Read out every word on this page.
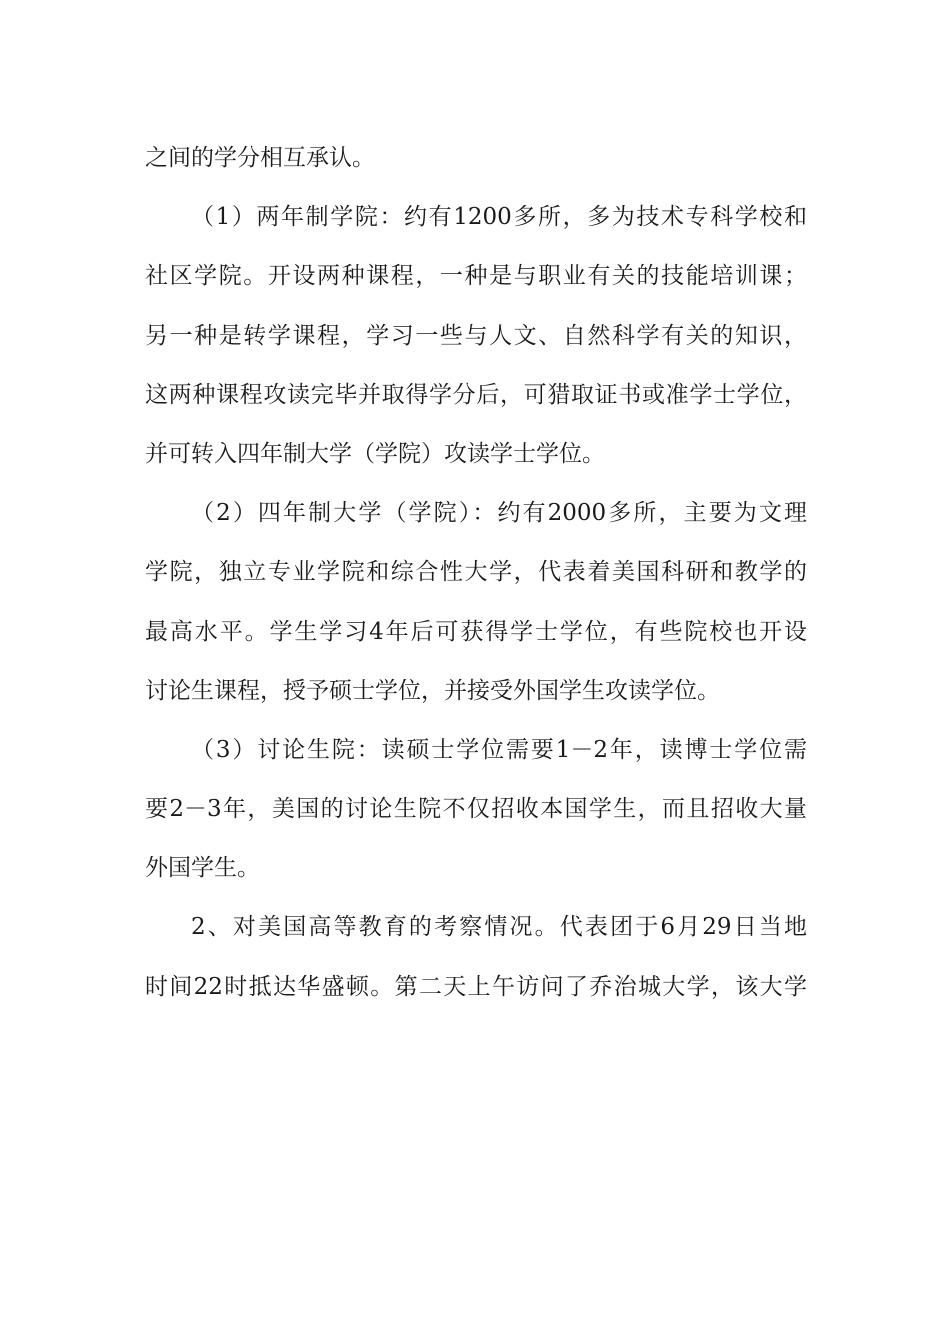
之间的学分相互承认。
（1）两年制学院：约有1200多所，多为技术专科学校和
社区学院。开设两种课程，一种是与职业有关的技能培训课；
另一种是转学课程，学习一些与人文、自然科学有关的知识，
这两种课程攻读完毕并取得学分后，可猎取证书或准学士学位，
并可转入四年制大学（学院）攻读学士学位。
（2）四年制大学（学院）：约有2000多所，主要为文理
学院，独立专业学院和综合性大学，代表着美国科研和教学的
最高水平。学生学习4年后可获得学士学位，有些院校也开设
讨论生课程，授予硕士学位，并接受外国学生攻读学位。
（3）讨论生院：读硕士学位需要1－2年，读博士学位需
要2－3年，美国的讨论生院不仅招收本国学生，而且招收大量
外国学生。
2、对美国高等教育的考察情况。代表团于6月29日当地
时间22时抵达华盛顿。第二天上午访问了乔治城大学，该大学
